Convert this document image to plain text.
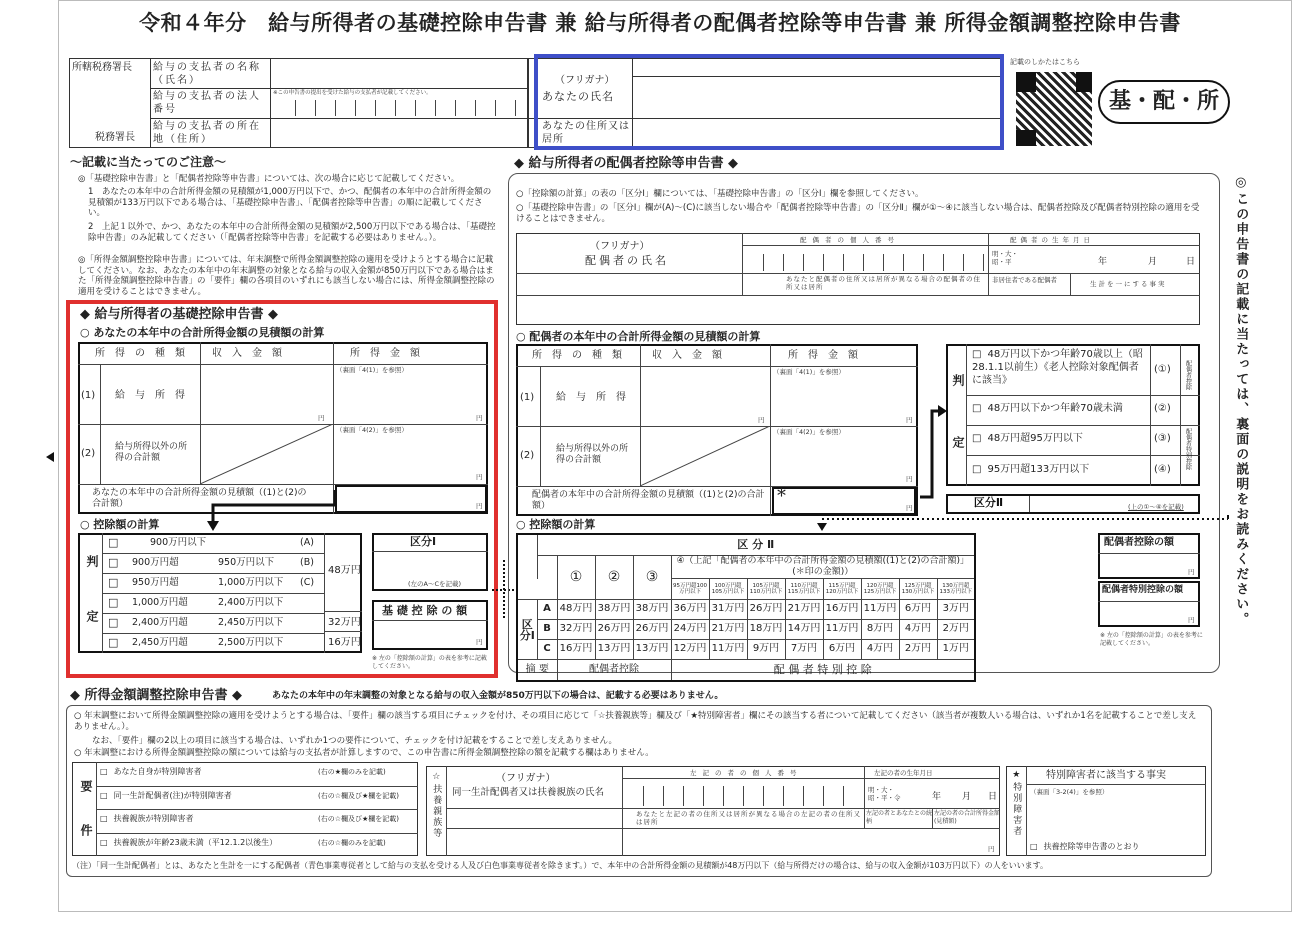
令和４年分　給与所得者の基礎控除申告書 兼 給与所得者の配偶者控除等申告書 兼 所得金額調整控除申告書
所轄税務署長
税務署長
給与の支払者の名称（氏名）
給与の支払者の法人番号
※この申告書の提出を受けた給与の支払者が記載してください。
給与の支払者の所在地（住所）
（フリガナ）
あなたの氏名
あなたの住所又は居所
記載のしかたはこちら
基・配・所
～記載に当たってのご注意～
◎「基礎控除申告書」と「配偶者控除等申告書」については、次の場合に応じて記載してください。
1　あなたの本年中の合計所得金額の見積額が1,000万円以下で、かつ、配偶者の本年中の合計所得金額の見積額が133万円以下である場合は、「基礎控除申告書」、「配偶者控除等申告書」の順に記載してください。
2　上記１以外で、かつ、あなたの本年中の合計所得金額の見積額が2,500万円以下である場合は、「基礎控除申告書」のみ記載してください（「配偶者控除等申告書」を記載する必要はありません。）。
◎「所得金額調整控除申告書」については、年末調整で所得金額調整控除の適用を受けようとする場合に記載してください。なお、あなたの本年中の年末調整の対象となる給与の収入金額が850万円以下である場合はまた「所得金額調整控除申告書」の「要件」欄の各項目のいずれにも該当しない場合には、所得金額調整控除の適用を受けることはできません。
◆ 給与所得者の基礎控除申告書 ◆
○ あなたの本年中の合計所得金額の見積額の計算
所　得　の　種　類	収　入　金　額	所　得　金　額
(1) 給　与　所　得
（裏面「4(1)」を参照）
円	円
(2)
給与所得以外の所得の合計額
（裏面「4(2)」を参照）
円
あなたの本年中の合計所得金額の見積額（(1)と(2)の合計額）	円
○ 控除額の計算
判
定
□	900万円以下	(A)
□ 900万円超	950万円以下	(B)
□ 950万円超	1,000万円以下 (C)
□ 1,000万円超	2,400万円以下
□ 2,400万円超	2,450万円以下
□ 2,450万円超	2,500万円以下
48万円
32万円
16万円
区分Ⅰ
(左のA～Cを記載)
基 礎 控 除 の 額
円
※ 左の「控除額の計算」の表を参考に記載してください。
◆ 給与所得者の配偶者控除等申告書 ◆
○「控除額の計算」の表の「区分Ⅰ」欄については、「基礎控除申告書」の「区分Ⅰ」欄を参照してください。
○「基礎控除申告書」の「区分Ⅰ」欄が(A)～(C)に該当しない場合や「配偶者控除等申告書」の「区分Ⅱ」欄が①～④に該当しない場合は、配偶者控除及び配偶者特別控除の適用を受けることはできません。
（フリガナ）
配偶者の氏名
配偶者の個人番号	配偶者の生年月日
明・大・昭・平	年	月	日
あなたと配偶者の住所又は居所が異なる場合の配偶者の住所又は居所
非居住者である配偶者	生計を一にする事実
○ 配偶者の本年中の合計所得金額の見積額の計算
所　得　の　種　類	収　入　金　額	所　得　金　額
(1) 給　与　所　得
（裏面「4(1)」を参照）
円	円
(2)
給与所得以外の所得の合計額
（裏面「4(2)」を参照）
円
配偶者の本年中の合計所得金額の見積額（(1)と(2)の合計額）
＊
円
判
定
□ 48万円以下かつ年齢70歳以上（昭28.1.1以前生）《老人控除対象配偶者に該当》
(①)
□ 48万円以下かつ年齢70歳未満	(②)
□ 48万円超95万円以下	(③)
□ 95万円超133万円以下	(④)
配偶者控除
配偶者特別控除
区分Ⅱ	(上の①～④を記載)
○ 控除額の計算
	区 分 Ⅱ											
		①	②	③	④（上記「配偶者の本年中の合計所得金額の見積額((1)と(2)の合計額)」(＊印の金額)）							
					95万円超100万円以下	100万円超105万円以下	105万円超110万円以下	110万円超115万円以下	115万円超120万円以下	120万円超125万円以下	125万円超130万円以下	130万円超133万円以下
区分Ⅰ	A	48万円	38万円	38万円	36万円	31万円	26万円	21万円	16万円	11万円	6万円	3万円
	B	32万円	26万円	26万円	24万円	21万円	18万円	14万円	11万円	8万円	4万円	2万円
	C	16万円	13万円	13万円	12万円	11万円	9万円	7万円	6万円	4万円	2万円	1万円
摘 要		配偶者控除			配 偶 者 特 別 控 除							
配偶者控除の額
円
配偶者特別控除の額
円
※ 左の「控除額の計算」の表を参考に記載してください。
◎この申告書の記載に当たっては、裏面の説明をお読みください。
◆ 所得金額調整控除申告書 ◆	あなたの本年中の年末調整の対象となる給与の収入金額が850万円以下の場合は、記載する必要はありません。
○ 年末調整において所得金額調整控除の適用を受けようとする場合は、「要件」欄の該当する項目にチェックを付け、その項目に応じて「☆扶養親族等」欄及び「★特別障害者」欄にその該当する者について記載してください（該当者が複数人いる場合は、いずれか1名を記載することで差し支えありません。）。
なお、「要件」欄の2以上の項目に該当する場合は、いずれか1つの要件について、チェックを付け記載をすることで差し支えありません。
○ 年末調整における所得金額調整控除の額については給与の支払者が計算しますので、この申告書に所得金額調整控除の額を記載する欄はありません。
要
件
□ あなた自身が特別障害者	(右の★欄のみを記載)
□ 同一生計配偶者(注)が特別障害者	(右の☆欄及び★欄を記載)
□ 扶養親族が特別障害者	(右の☆欄及び★欄を記載)
□ 扶養親族が年齢23歳未満（平12.1.2以後生）	(右の☆欄のみを記載)
☆扶養親族等	（フリガナ）
同一生計配偶者又は扶養親族の氏名
左記の者の個人番号	左記の者の生年月日
明・大・昭・平・令	年 月 日
あなたと左記の者の住所又は居所が異なる場合の左記の者の住所又は居所
左記の者とあなたとの続柄
左記の者の合計所得金額(見積額)
円
★特別障害者 特別障害者に該当する事実
（裏面「3-2(4)」を参照）
□ 扶養控除等申告書のとおり
（注）「同一生計配偶者」とは、あなたと生計を一にする配偶者（青色事業専従者として給与の支払を受ける人及び白色事業専従者を除きます。）で、本年中の合計所得金額の見積額が48万円以下（給与所得だけの場合は、給与の収入金額が103万円以下）の人をいいます。
